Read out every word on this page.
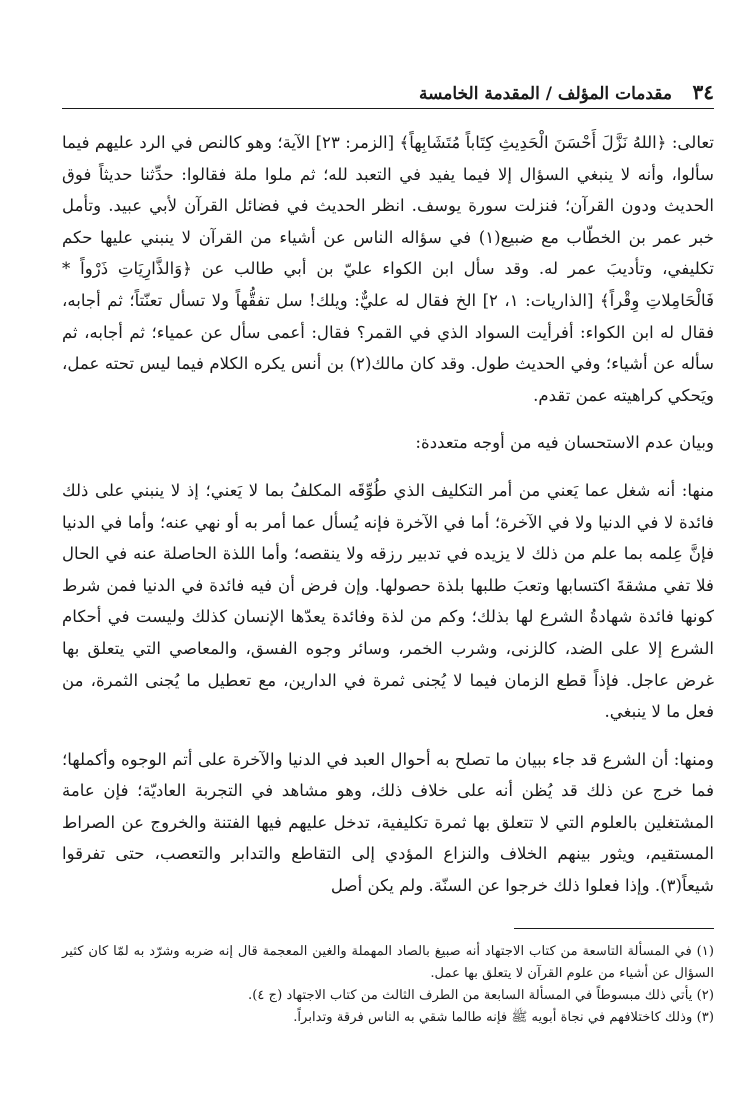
٣٤
مقدمات المؤلف / المقدمة الخامسة

تعالى: ﴿اللهُ نَزَّلَ أَحْسَنَ الْحَدِيثِ كِتَاباً مُتَشَابِهاً﴾ [الزمر: ٢٣] الآية؛ وهو كالنص في الرد عليهم فيما سألوا، وأنه لا ينبغي السؤال إلا فيما يفيد في التعبد لله؛ ثم ملوا ملة فقالوا: حدِّثنا حديثاً فوق الحديث ودون القرآن؛ فنزلت سورة يوسف. انظر الحديث في فضائل القرآن لأبي عبيد. وتأمل خبر عمر بن الخطّاب مع ضبيع(١) في سؤاله الناس عن أشياء من القرآن لا ينبني عليها حكم تكليفي، وتأديبَ عمر له. وقد سأل ابن الكواء عليّ بن أبي طالب عن ﴿وَالذَّارِيَاتِ ذَرْواً * فَالْحَامِلاتِ وِقْراً﴾ [الذاريات: ١، ٢] الخ فقال له عليٌّ: ويلك! سل تفقُّهاً ولا تسأل تعنّتاً؛ ثم أجابه، فقال له ابن الكواء: أفرأيت السواد الذي في القمر؟ فقال: أعمى سأل عن عمياء؛ ثم أجابه، ثم سأله عن أشياء؛ وفي الحديث طول. وقد كان مالك(٢) بن أنس يكره الكلام فيما ليس تحته عمل، ويَحكي كراهيته عمن تقدم.

وبيان عدم الاستحسان فيه من أوجه متعددة:

منها: أنه شغل عما يَعني من أمر التكليف الذي طُوِّقَه المكلفُ بما لا يَعني؛ إذ لا ينبني على ذلك فائدة لا في الدنيا ولا في الآخرة؛ أما في الآخرة فإنه يُسأل عما أمر به أو نهي عنه؛ وأما في الدنيا فإنَّ عِلمه بما علم من ذلك لا يزيده في تدبير رزقه ولا ينقصه؛ وأما اللذة الحاصلة عنه في الحال فلا تفي مشقةَ اكتسابها وتعبَ طلبها بلذة حصولها. وإن فرض أن فيه فائدة في الدنيا فمن شرط كونها فائدة شهادةُ الشرع لها بذلك؛ وكم من لذة وفائدة يعدّها الإنسان كذلك وليست في أحكام الشرع إلا على الضد، كالزنى، وشرب الخمر، وسائر وجوه الفسق، والمعاصي التي يتعلق بها غرض عاجل. فإذاً قطع الزمان فيما لا يُجنى ثمرة في الدارين، مع تعطيل ما يُجنى الثمرة، من فعل ما لا ينبغي.

ومنها: أن الشرع قد جاء ببيان ما تصلح به أحوال العبد في الدنيا والآخرة على أتم الوجوه وأكملها؛ فما خرج عن ذلك قد يُظن أنه على خلاف ذلك، وهو مشاهد في التجربة العاديّة؛ فإن عامة المشتغلين بالعلوم التي لا تتعلق بها ثمرة تكليفية، تدخل عليهم فيها الفتنة والخروج عن الصراط المستقيم، ويثور بينهم الخلاف والنزاع المؤدي إلى التقاطع والتدابر والتعصب، حتى تفرقوا شيعاً(٣). وإذا فعلوا ذلك خرجوا عن السنّة. ولم يكن أصل

(١) في المسألة التاسعة من كتاب الاجتهاد أنه صبيغ بالصاد المهملة والغين المعجمة قال إنه ضربه وشرّد به لمّا كان كثير السؤال عن أشياء من علوم القرآن لا يتعلق بها عمل.

(٢) يأتي ذلك مبسوطاً في المسألة السابعة من الطرف الثالث من كتاب الاجتهاد (ج ٤).

(٣) وذلك كاختلافهم في نجاة أبويه ﷺ فإنه طالما شقي به الناس فرقة وتدابراً.
